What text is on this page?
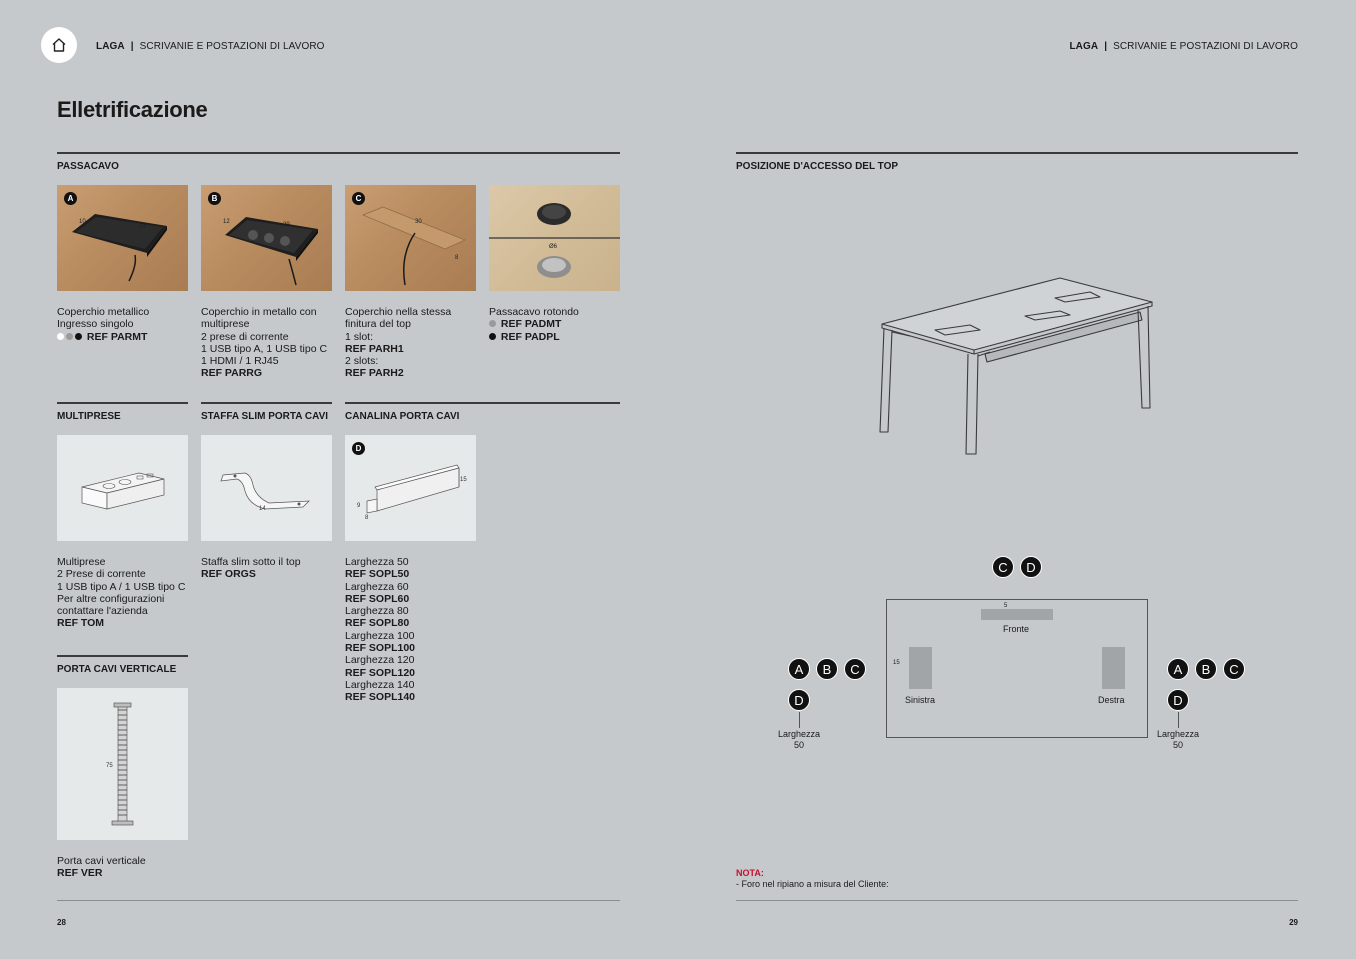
LAGA | SCRIVANIE E POSTAZIONI DI LAVORO	LAGA | SCRIVANIE E POSTAZIONI DI LAVORO
Elletrificazione
PASSACAVO
10
24
A
12	29
B
30
8
C
Ø6
Coperchio metallico
Ingresso singolo
REF PARMT
Coperchio in metallo con
multiprese
2 prese di corrente
1 USB tipo A, 1 USB tipo C
1 HDMI / 1 RJ45
REF PARRG
Coperchio nella stessa
finitura del top
1 slot:
REF PARH1
2 slots:
REF PARH2
Passacavo rotondo
REF PADMT
REF PADPL
MULTIPRESE	STAFFA SLIM PORTA CAVI CANALINA PORTA CAVI
14
15
9
8
D
Multiprese
2 Prese di corrente
1 USB tipo A / 1 USB tipo C
Per altre configurazioni
contattare l'azienda
REF TOM
Staffa slim sotto il top
REF ORGS
Larghezza 50
REF SOPL50
Larghezza 60
REF SOPL60
Larghezza 80
REF SOPL80
Larghezza 100
REF SOPL100
Larghezza 120
REF SOPL120
Larghezza 140
REF SOPL140
PORTA CAVI VERTICALE
75
Porta cavi verticale
REF VER
28
POSIZIONE D'ACCESSO DEL TOP
C	D
5
Fronte
15
Sinistra	Destra
A	B	C
D
Larghezza
50
A	B	C
D
Larghezza
50
NOTA:
- Foro nel ripiano a misura del Cliente:
29
